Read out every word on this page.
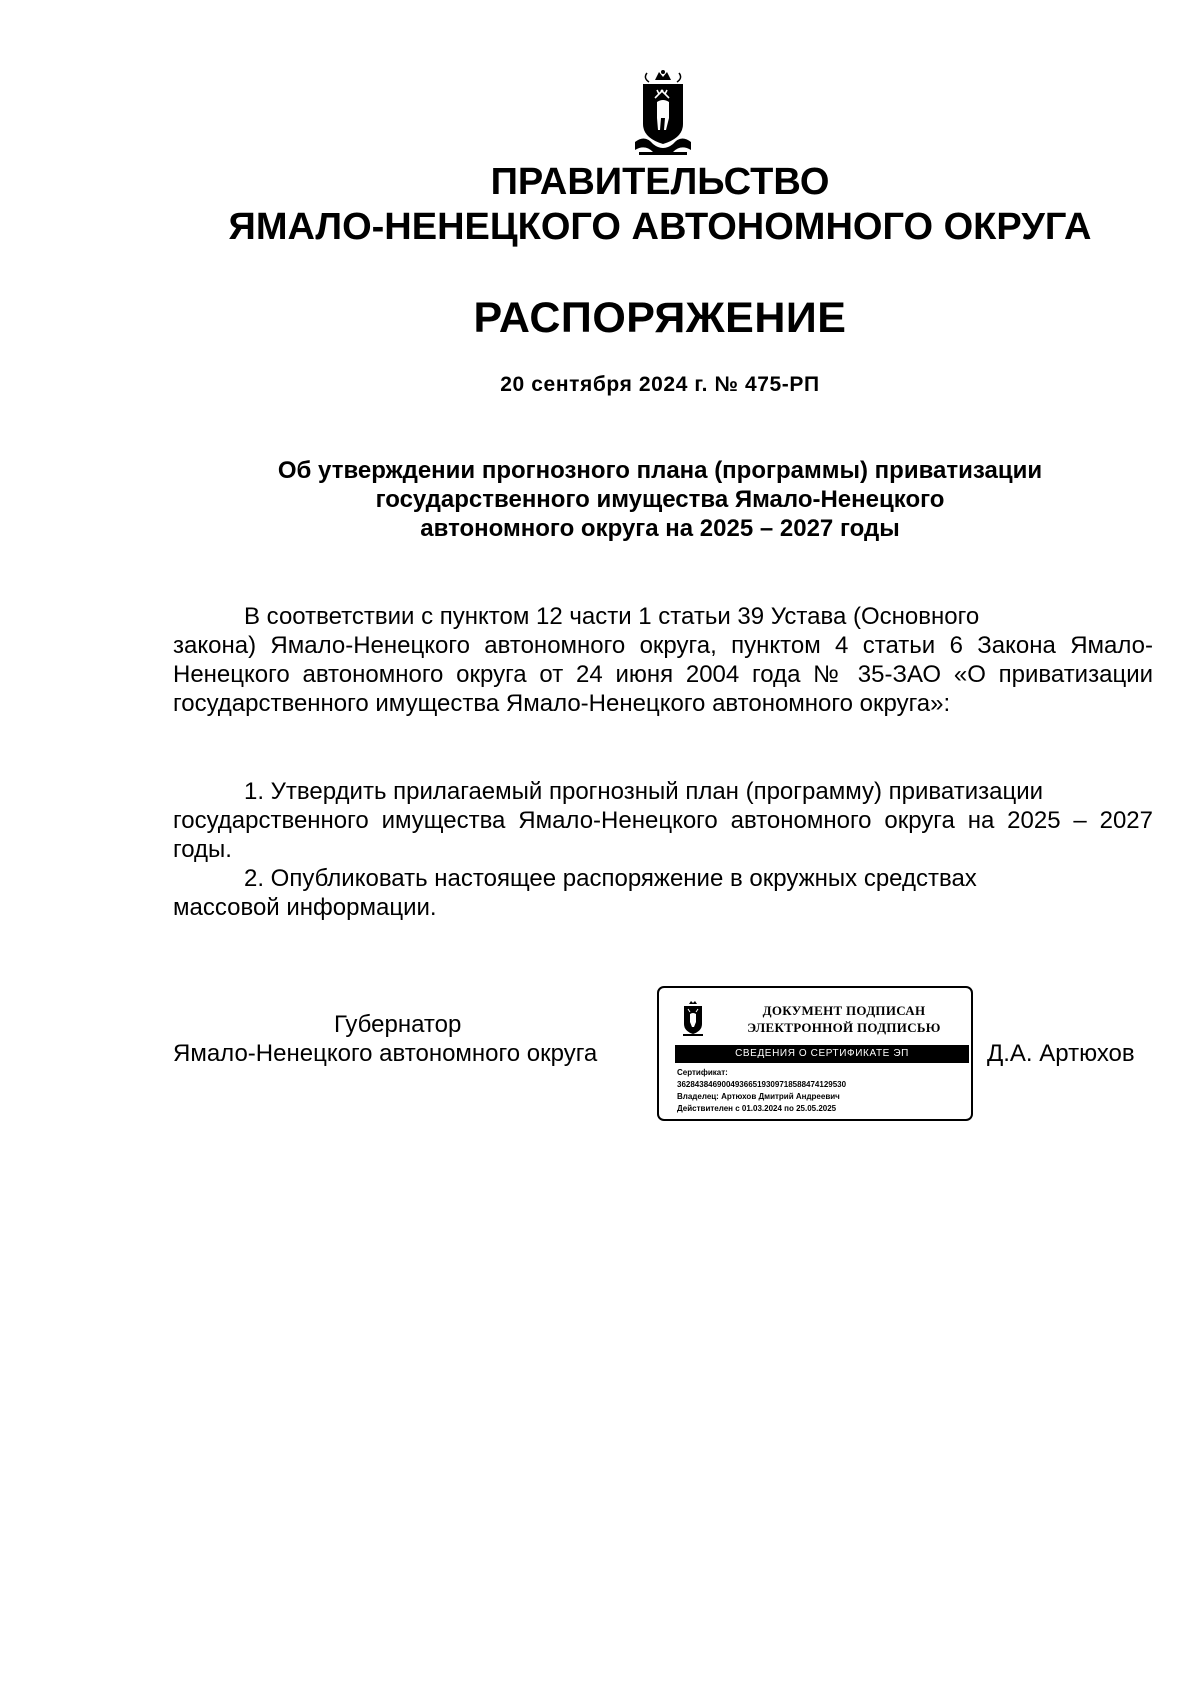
ПРАВИТЕЛЬСТВО
ЯМАЛО-НЕНЕЦКОГО АВТОНОМНОГО ОКРУГА
РАСПОРЯЖЕНИЕ
20 сентября 2024 г. № 475-РП
Об утверждении прогнозного плана (программы) приватизации
государственного имущества Ямало-Ненецкого
автономного округа на 2025 – 2027 годы
В соответствии с пунктом 12 части 1 статьи 39 Устава (Основного
закона) Ямало-Ненецкого автономного округа, пунктом 4 статьи 6 Закона Ямало-Ненецкого автономного округа от 24 июня 2004 года № 35-ЗАО «О приватизации государственного имущества Ямало-Ненецкого автономного округа»:
1. Утвердить прилагаемый прогнозный план (программу) приватизации
государственного имущества Ямало-Ненецкого автономного округа на 2025 – 2027 годы.
2. Опубликовать настоящее распоряжение в окружных средствах
массовой информации.
Губернатор
Ямало-Ненецкого автономного округа	Д.А. Артюхов
ДОКУМЕНТ ПОДПИСАН
ЭЛЕКТРОННОЙ ПОДПИСЬЮ
СВЕДЕНИЯ О СЕРТИФИКАТЕ ЭП
Сертификат:
36284384690049366519309718588474129530
Владелец: Артюхов Дмитрий Андреевич
Действителен с 01.03.2024 по 25.05.2025
